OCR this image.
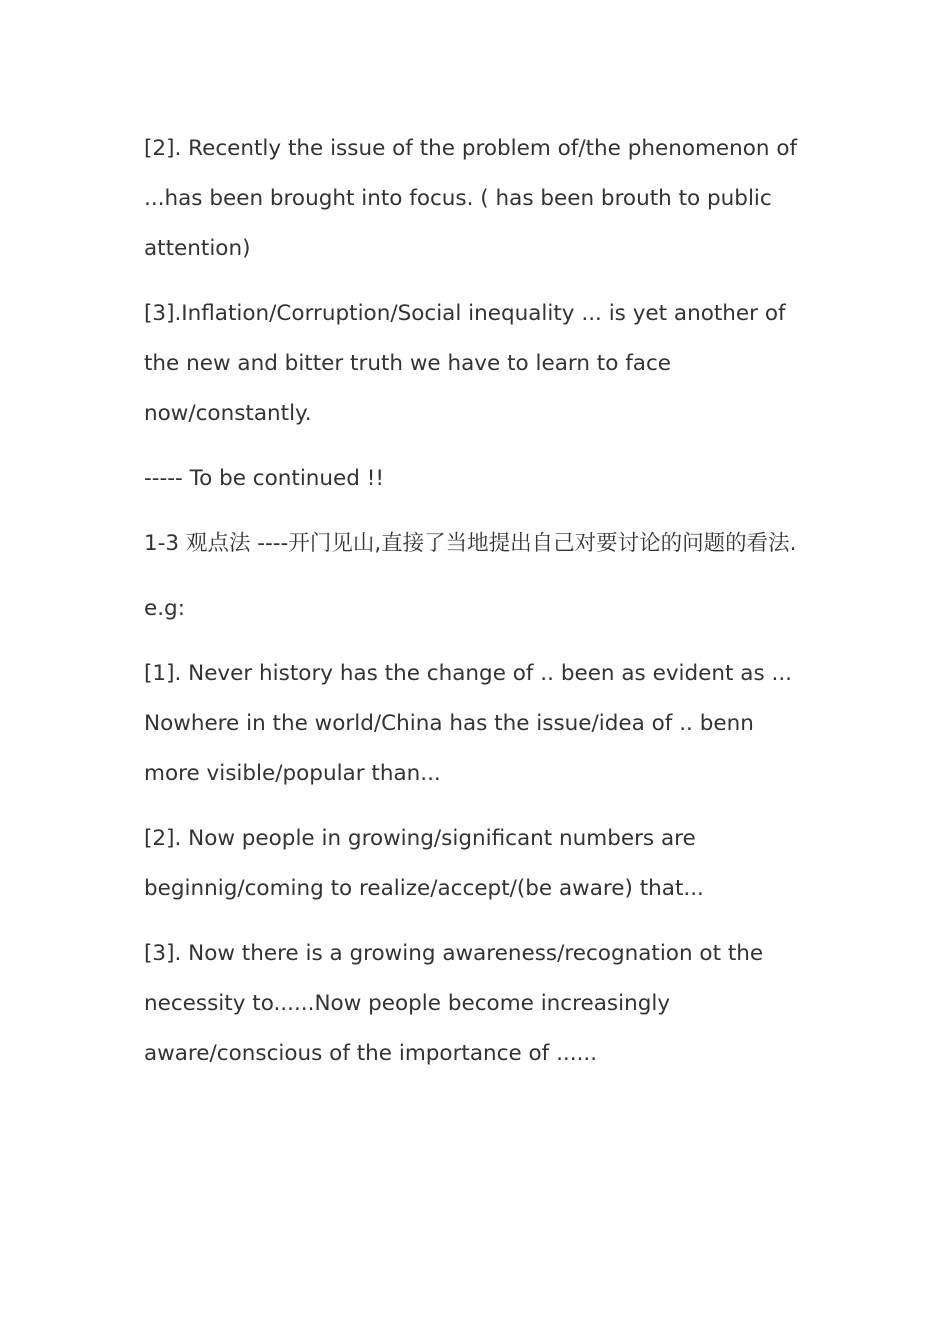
[2]. Recently the issue of the problem of/the phenomenon of ...has been brought into focus. ( has been brouth to public attention)

[3].Inflation/Corruption/Social inequality ... is yet another of the new and bitter truth we have to learn to face now/constantly.

----- To be continued !!

1-3 观点法 ----开门见山,直接了当地提出自己对要讨论的问题的看法.

e.g:

[1]. Never history has the change of .. been as evident as ... Nowhere in the world/China has the issue/idea of .. benn more visible/popular than...

[2]. Now people in growing/significant numbers are beginnig/coming to realize/accept/(be aware) that...

[3]. Now there is a growing awareness/recognation ot the necessity to......Now people become increasingly aware/conscious of the importance of ......
